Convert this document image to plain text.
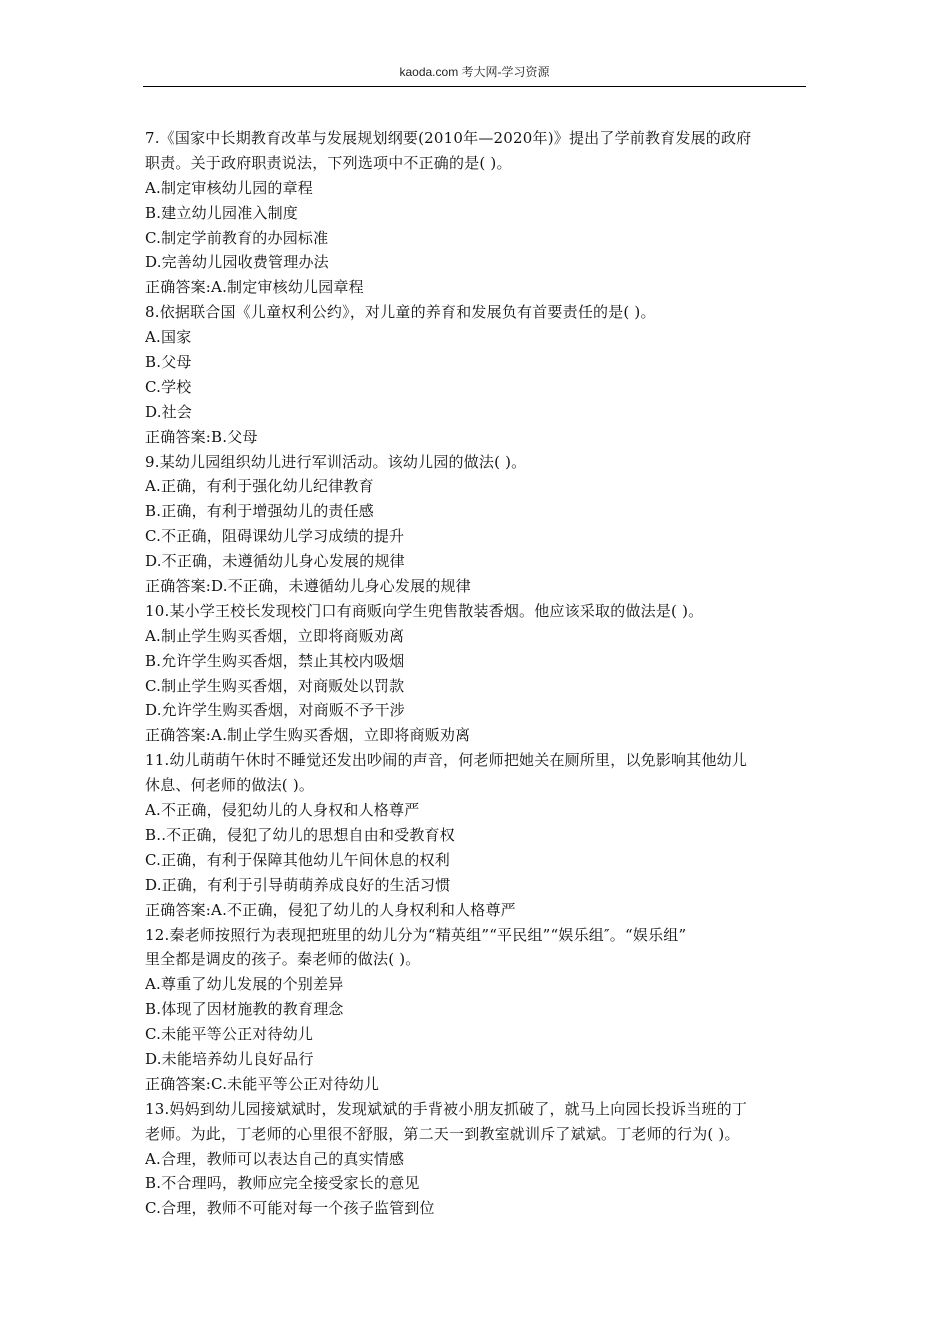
kaoda.com 考大网-学习资源
7.《国家中长期教育改革与发展规划纲要(2010年—2020年)》提出了学前教育发展的政府
职责。关于政府职责说法，下列选项中不正确的是( )。
A.制定审核幼儿园的章程
B.建立幼儿园准入制度
C.制定学前教育的办园标准
D.完善幼儿园收费管理办法
正确答案:A.制定审核幼儿园章程
8.依据联合国《儿童权利公约》，对儿童的养育和发展负有首要责任的是( )。
A.国家
B.父母
C.学校
D.社会
正确答案:B.父母
9.某幼儿园组织幼儿进行军训活动。该幼儿园的做法( )。
A.正确，有利于强化幼儿纪律教育
B.正确，有利于增强幼儿的责任感
C.不正确，阻碍课幼儿学习成绩的提升
D.不正确，未遵循幼儿身心发展的规律
正确答案:D.不正确，未遵循幼儿身心发展的规律
10.某小学王校长发现校门口有商贩向学生兜售散装香烟。他应该采取的做法是( )。
A.制止学生购买香烟，立即将商贩劝离
B.允许学生购买香烟，禁止其校内吸烟
C.制止学生购买香烟，对商贩处以罚款
D.允许学生购买香烟，对商贩不予干涉
正确答案:A.制止学生购买香烟，立即将商贩劝离
11.幼儿萌萌午休时不睡觉还发出吵闹的声音，何老师把她关在厕所里，以免影响其他幼儿
休息、何老师的做法( )。
A.不正确，侵犯幼儿的人身权和人格尊严
B..不正确，侵犯了幼儿的思想自由和受教育权
C.正确，有利于保障其他幼儿午间休息的权利
D.正确，有利于引导萌萌养成良好的生活习惯
正确答案:A.不正确，侵犯了幼儿的人身权利和人格尊严
12.秦老师按照行为表现把班里的幼儿分为“精英组”“平民组”“娱乐组″。“娱乐组”
里全都是调皮的孩子。秦老师的做法( )。
A.尊重了幼儿发展的个别差异
B.体现了因材施教的教育理念
C.未能平等公正对待幼儿
D.未能培养幼儿良好品行
正确答案:C.未能平等公正对待幼儿
13.妈妈到幼儿园接斌斌时，发现斌斌的手背被小朋友抓破了，就马上向园长投诉当班的丁
老师。为此，丁老师的心里很不舒服，第二天一到教室就训斥了斌斌。丁老师的行为( )。
A.合理，教师可以表达自己的真实情感
B.不合理吗，教师应完全接受家长的意见
C.合理，教师不可能对每一个孩子监管到位
